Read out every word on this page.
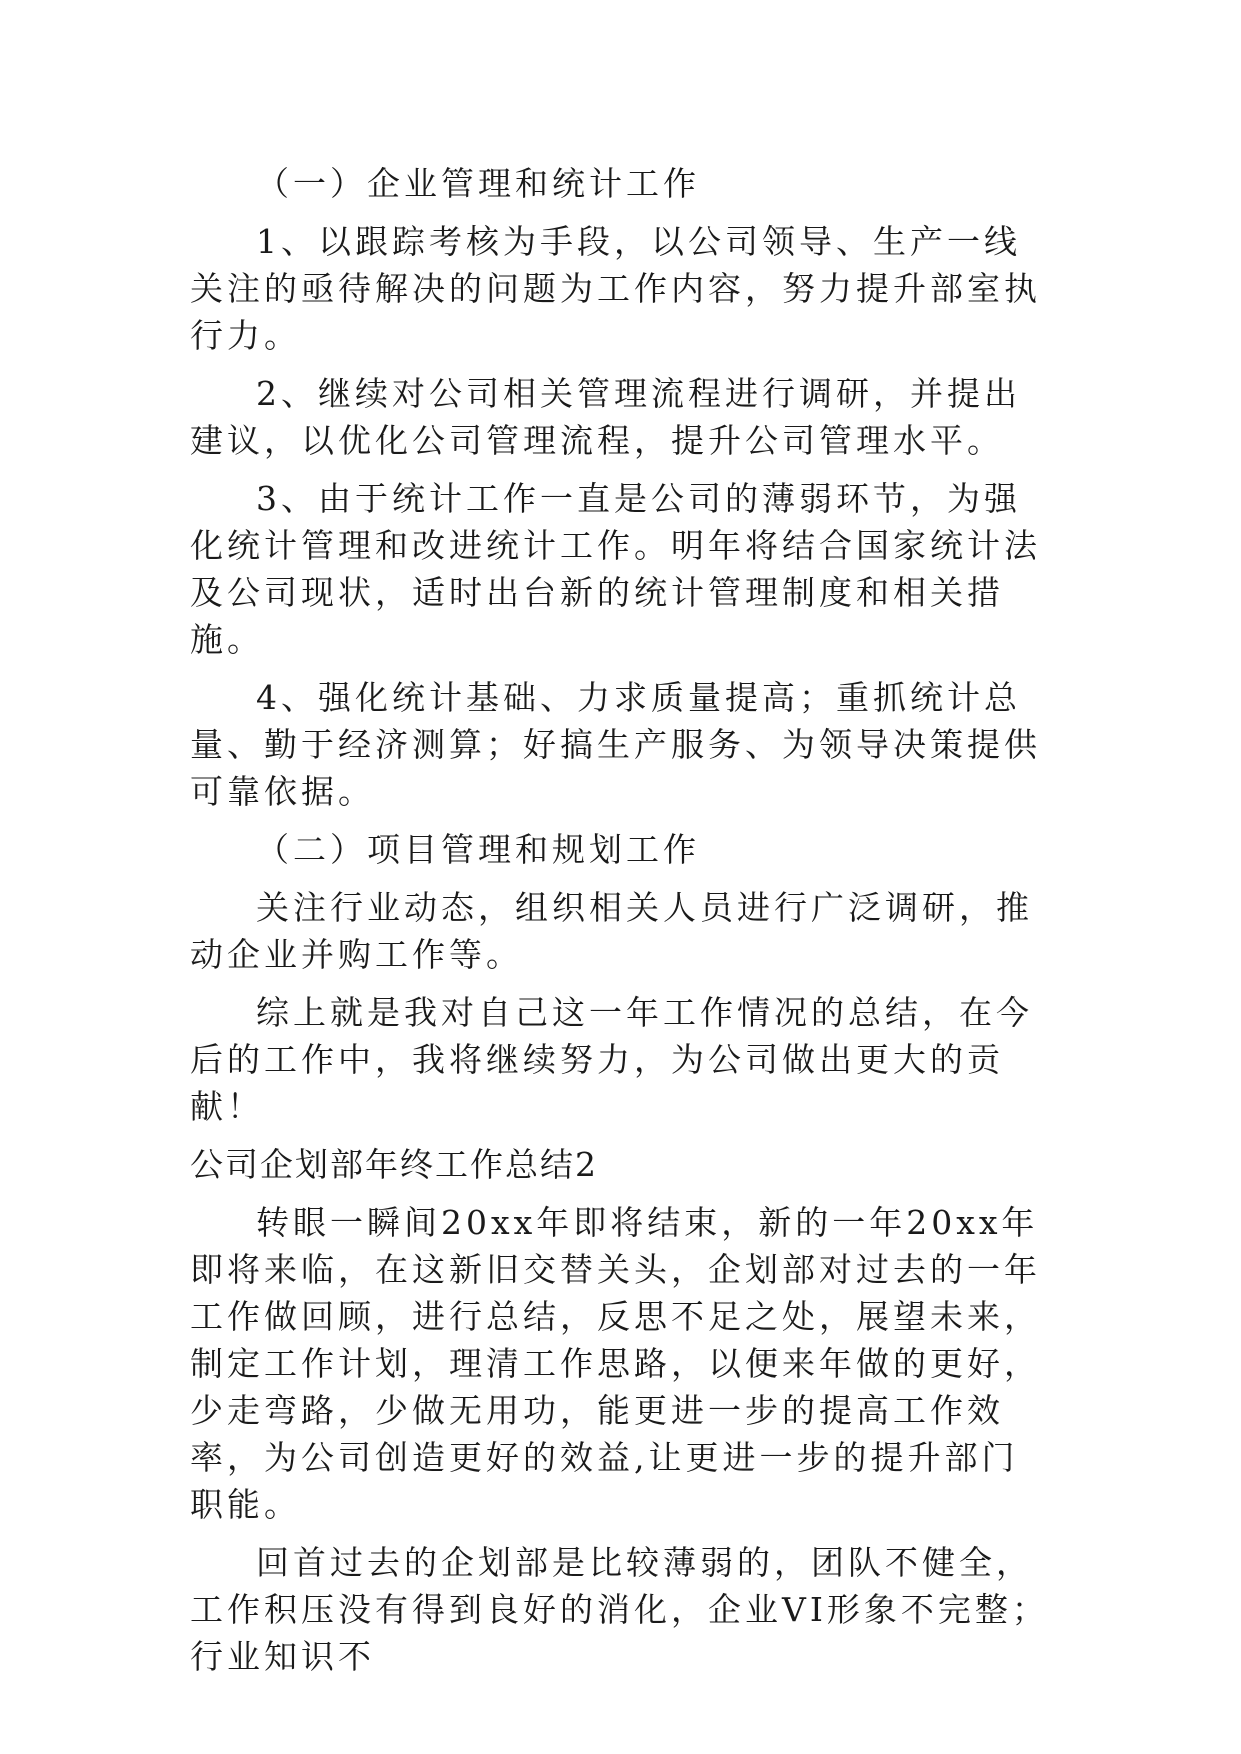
（一）企业管理和统计工作
1、以跟踪考核为手段，以公司领导、生产一线关注的亟待解决的问题为工作内容，努力提升部室执行力。
2、继续对公司相关管理流程进行调研，并提出建议，以优化公司管理流程，提升公司管理水平。
3、由于统计工作一直是公司的薄弱环节，为强化统计管理和改进统计工作。明年将结合国家统计法及公司现状，适时出台新的统计管理制度和相关措施。
4、强化统计基础、力求质量提高；重抓统计总量、勤于经济测算；好搞生产服务、为领导决策提供可靠依据。
（二）项目管理和规划工作
关注行业动态，组织相关人员进行广泛调研，推动企业并购工作等。
综上就是我对自己这一年工作情况的总结，在今后的工作中，我将继续努力，为公司做出更大的贡献！
公司企划部年终工作总结2
转眼一瞬间20xx年即将结束，新的一年20xx年即将来临，在这新旧交替关头，企划部对过去的一年工作做回顾，进行总结，反思不足之处，展望未来，制定工作计划，理清工作思路，以便来年做的更好，少走弯路，少做无用功，能更进一步的提高工作效率，为公司创造更好的效益,让更进一步的提升部门职能。
回首过去的企划部是比较薄弱的，团队不健全，工作积压没有得到良好的消化，企业VI形象不完整；行业知识不
